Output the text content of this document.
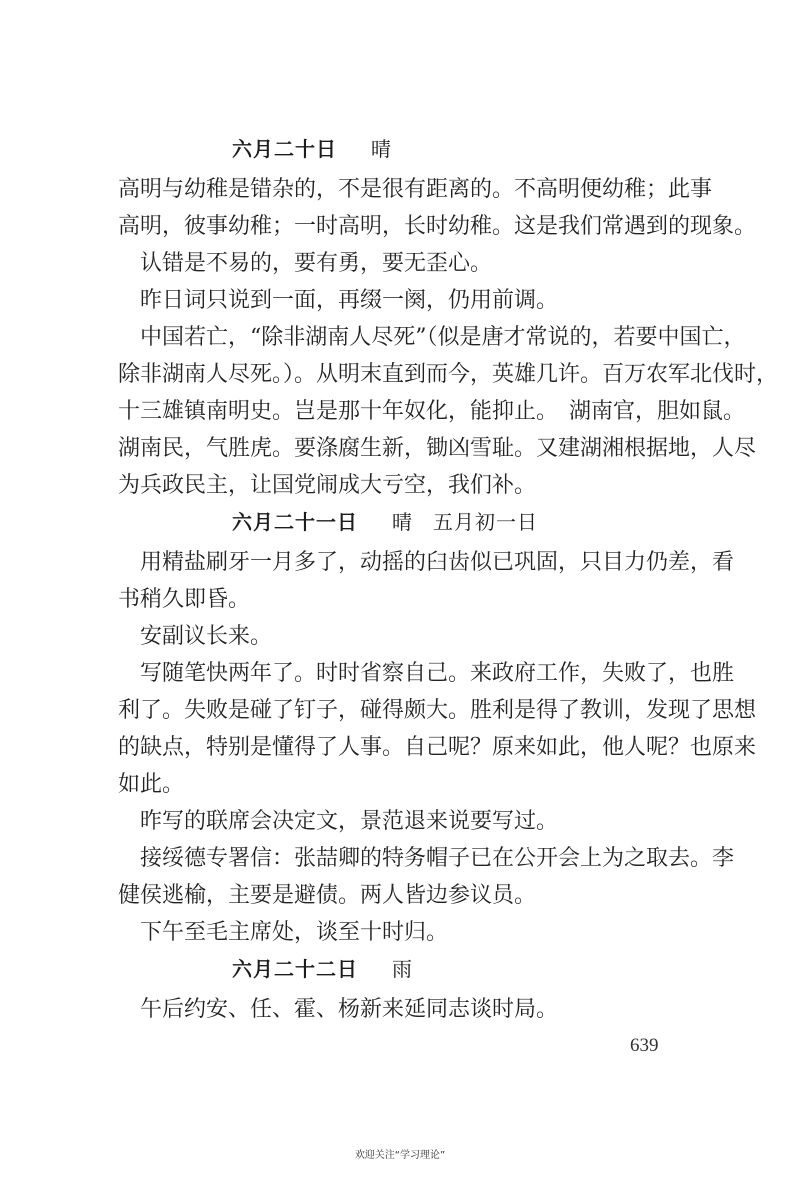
六月二十日 晴
高明与幼稚是错杂的，不是很有距离的。不高明便幼稚；此事
高明，彼事幼稚；一时高明，长时幼稚。这是我们常遇到的现象。
认错是不易的，要有勇，要无歪心。
昨日词只说到一面，再缀一阕，仍用前调。
中国若亡，“除非湖南人尽死”（似是唐才常说的，若要中国亡，
除非湖南人尽死。）。从明末直到而今，英雄几许。百万农军北伐时，
十三雄镇南明史。岂是那十年奴化，能抑止。　湖南官，胆如鼠。
湖南民，气胜虎。要涤腐生新，锄凶雪耻。又建湖湘根据地，人尽
为兵政民主，让国党闹成大亏空，我们补。
六月二十一日 晴 五月初一日
用精盐刷牙一月多了，动摇的臼齿似已巩固，只目力仍差，看
书稍久即昏。
安副议长来。
写随笔快两年了。时时省察自己。来政府工作，失败了，也胜
利了。失败是碰了钉子，碰得颇大。胜利是得了教训，发现了思想
的缺点，特别是懂得了人事。自己呢？原来如此，他人呢？也原来
如此。
昨写的联席会决定文，景范退来说要写过。
接绥德专署信：张喆卿的特务帽子已在公开会上为之取去。李
健侯逃榆，主要是避债。两人皆边参议员。
下午至毛主席处，谈至十时归。
六月二十二日 雨
午后约安、任、霍、杨新来延同志谈时局。
639
欢迎关注“学习理论”
